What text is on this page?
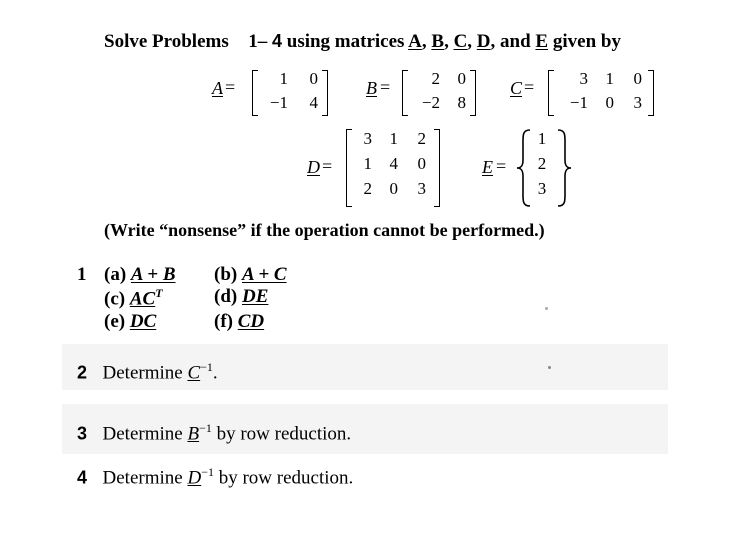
Solve Problems 1– 4 using matrices A, B, C, D, and E given by
A =	1	0
−1	4
B =	2	0
−2	8
C =	3	1	0
−1	0	3
D =
3	1	2
1	4	0
2	0	3
E =
1
2
3
(Write “nonsense” if the operation cannot be performed.)
1 (a) A + B (b) A + C
(c) $AC^T$	(d) DE
(e) DC	(f) CD
2 Determine $C^{-1}$.
3 Determine $B^{-1}$ by row reduction.
4 Determine $D^{-1}$ by row reduction.
